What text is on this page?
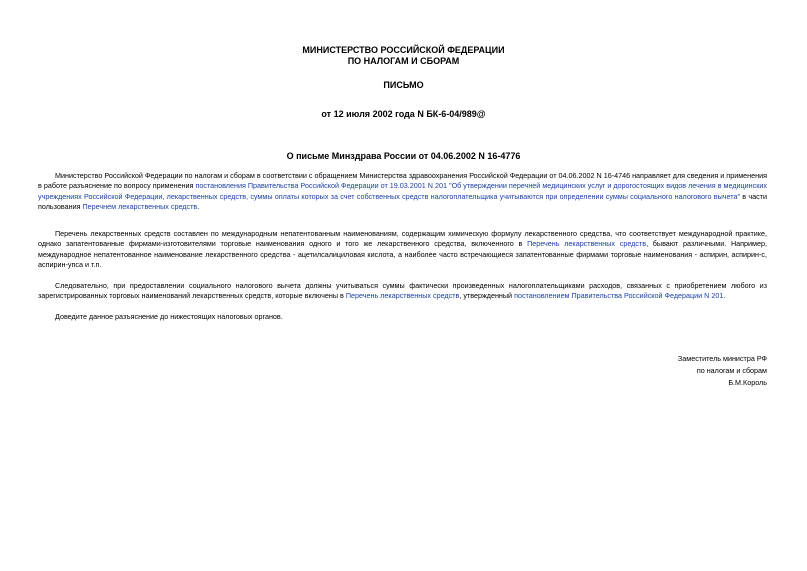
МИНИСТЕРСТВО РОССИЙСКОЙ ФЕДЕРАЦИИ
ПО НАЛОГАМ И СБОРАМ
ПИСЬМО
от 12 июля 2002 года N БК-6-04/989@
О письме Минздрава России от 04.06.2002 N 16-4776

Министерство Российской Федерации по налогам и сборам в соответствии с обращением Министерства здравоохранения Российской Федерации от 04.06.2002 N 16-4746 направляет для сведения и применения в работе разъяснение по вопросу применения постановления Правительства Российской Федерации от 19.03.2001 N 201 "Об утверждении перечней медицинских услуг и дорогостоящих видов лечения в медицинских учреждениях Российской Федерации, лекарственных средств, суммы оплаты которых за счет собственных средств налогоплательщика учитываются при определении суммы социального налогового вычета" в части пользования Перечнем лекарственных средств.

Перечень лекарственных средств составлен по международным непатентованным наименованиям, содержащим химическую формулу лекарственного средства, что соответствует международной практике, однако запатентованные фирмами-изготовителями торговые наименования одного и того же лекарственного средства, включенного в Перечень лекарственных средств, бывают различными. Например, международное непатентованное наименование лекарственного средства - ацетилсалициловая кислота, а наиболее часто встречающиеся запатентованные фирмами торговые наименования - аспирин, аспирин-с, аспирин-упса и т.п.

Следовательно, при предоставлении социального налогового вычета должны учитываться суммы фактически произведенных налогоплательщиками расходов, связанных с приобретением любого из зарегистрированных торговых наименований лекарственных средств, которые включены в Перечень лекарственных средств, утвержденный постановлением Правительства Российской Федерации N 201.

Доведите данное разъяснение до нижестоящих налоговых органов.

Заместитель министра РФ
по налогам и сборам
Б.М.Король
